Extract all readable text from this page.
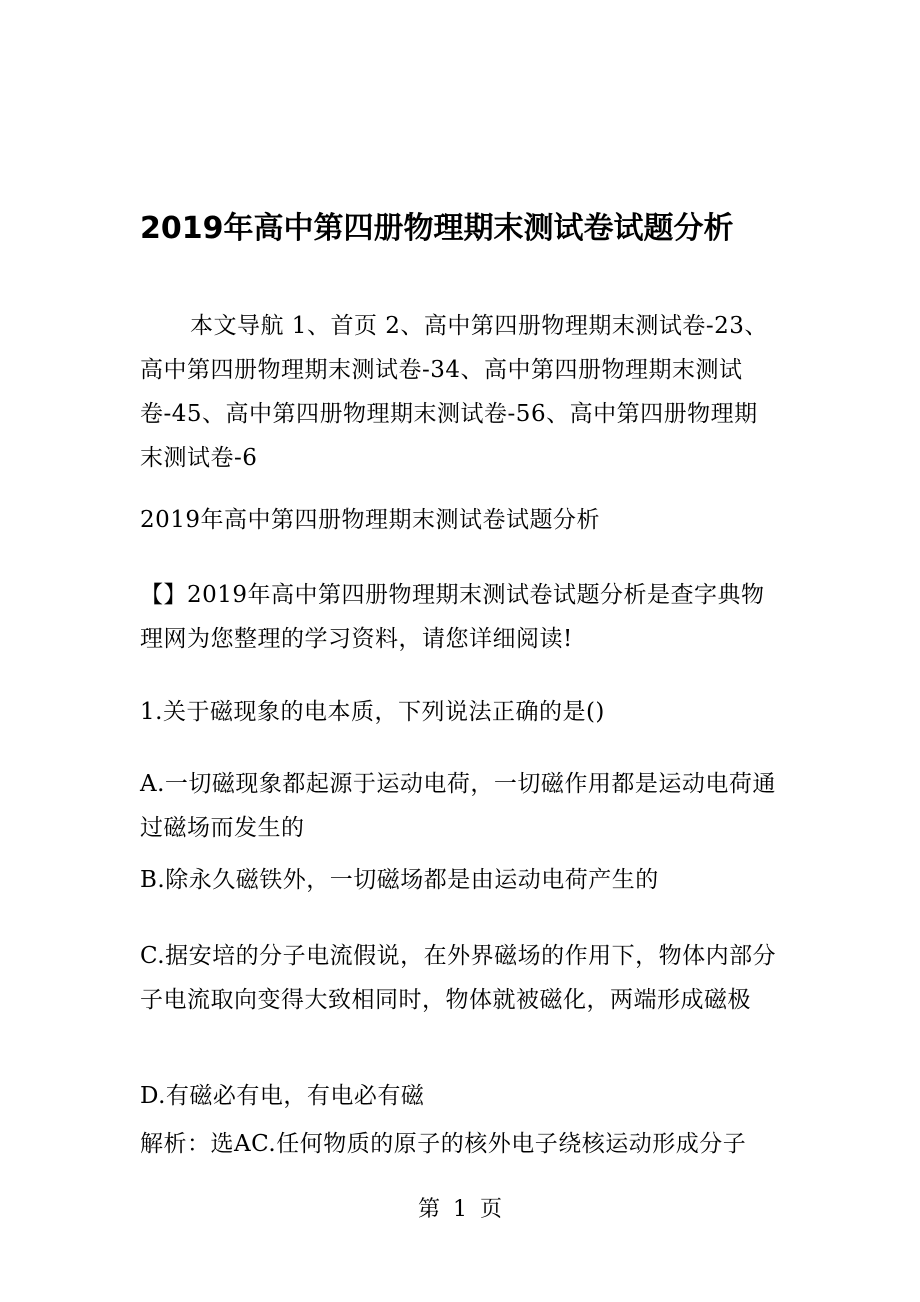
2019年高中第四册物理期末测试卷试题分析

本文导航 1、首页 2、高中第四册物理期末测试卷-23、高中第四册物理期末测试卷-34、高中第四册物理期末测试卷-45、高中第四册物理期末测试卷-56、高中第四册物理期末测试卷-6

2019年高中第四册物理期末测试卷试题分析

【】2019年高中第四册物理期末测试卷试题分析是查字典物理网为您整理的学习资料，请您详细阅读!

1.关于磁现象的电本质，下列说法正确的是()

A.一切磁现象都起源于运动电荷，一切磁作用都是运动电荷通过磁场而发生的

B.除永久磁铁外，一切磁场都是由运动电荷产生的

C.据安培的分子电流假说，在外界磁场的作用下，物体内部分子电流取向变得大致相同时，物体就被磁化，两端形成磁极

D.有磁必有电，有电必有磁

解析：选AC.任何物质的原子的核外电子绕核运动形成分子

第 1 页
